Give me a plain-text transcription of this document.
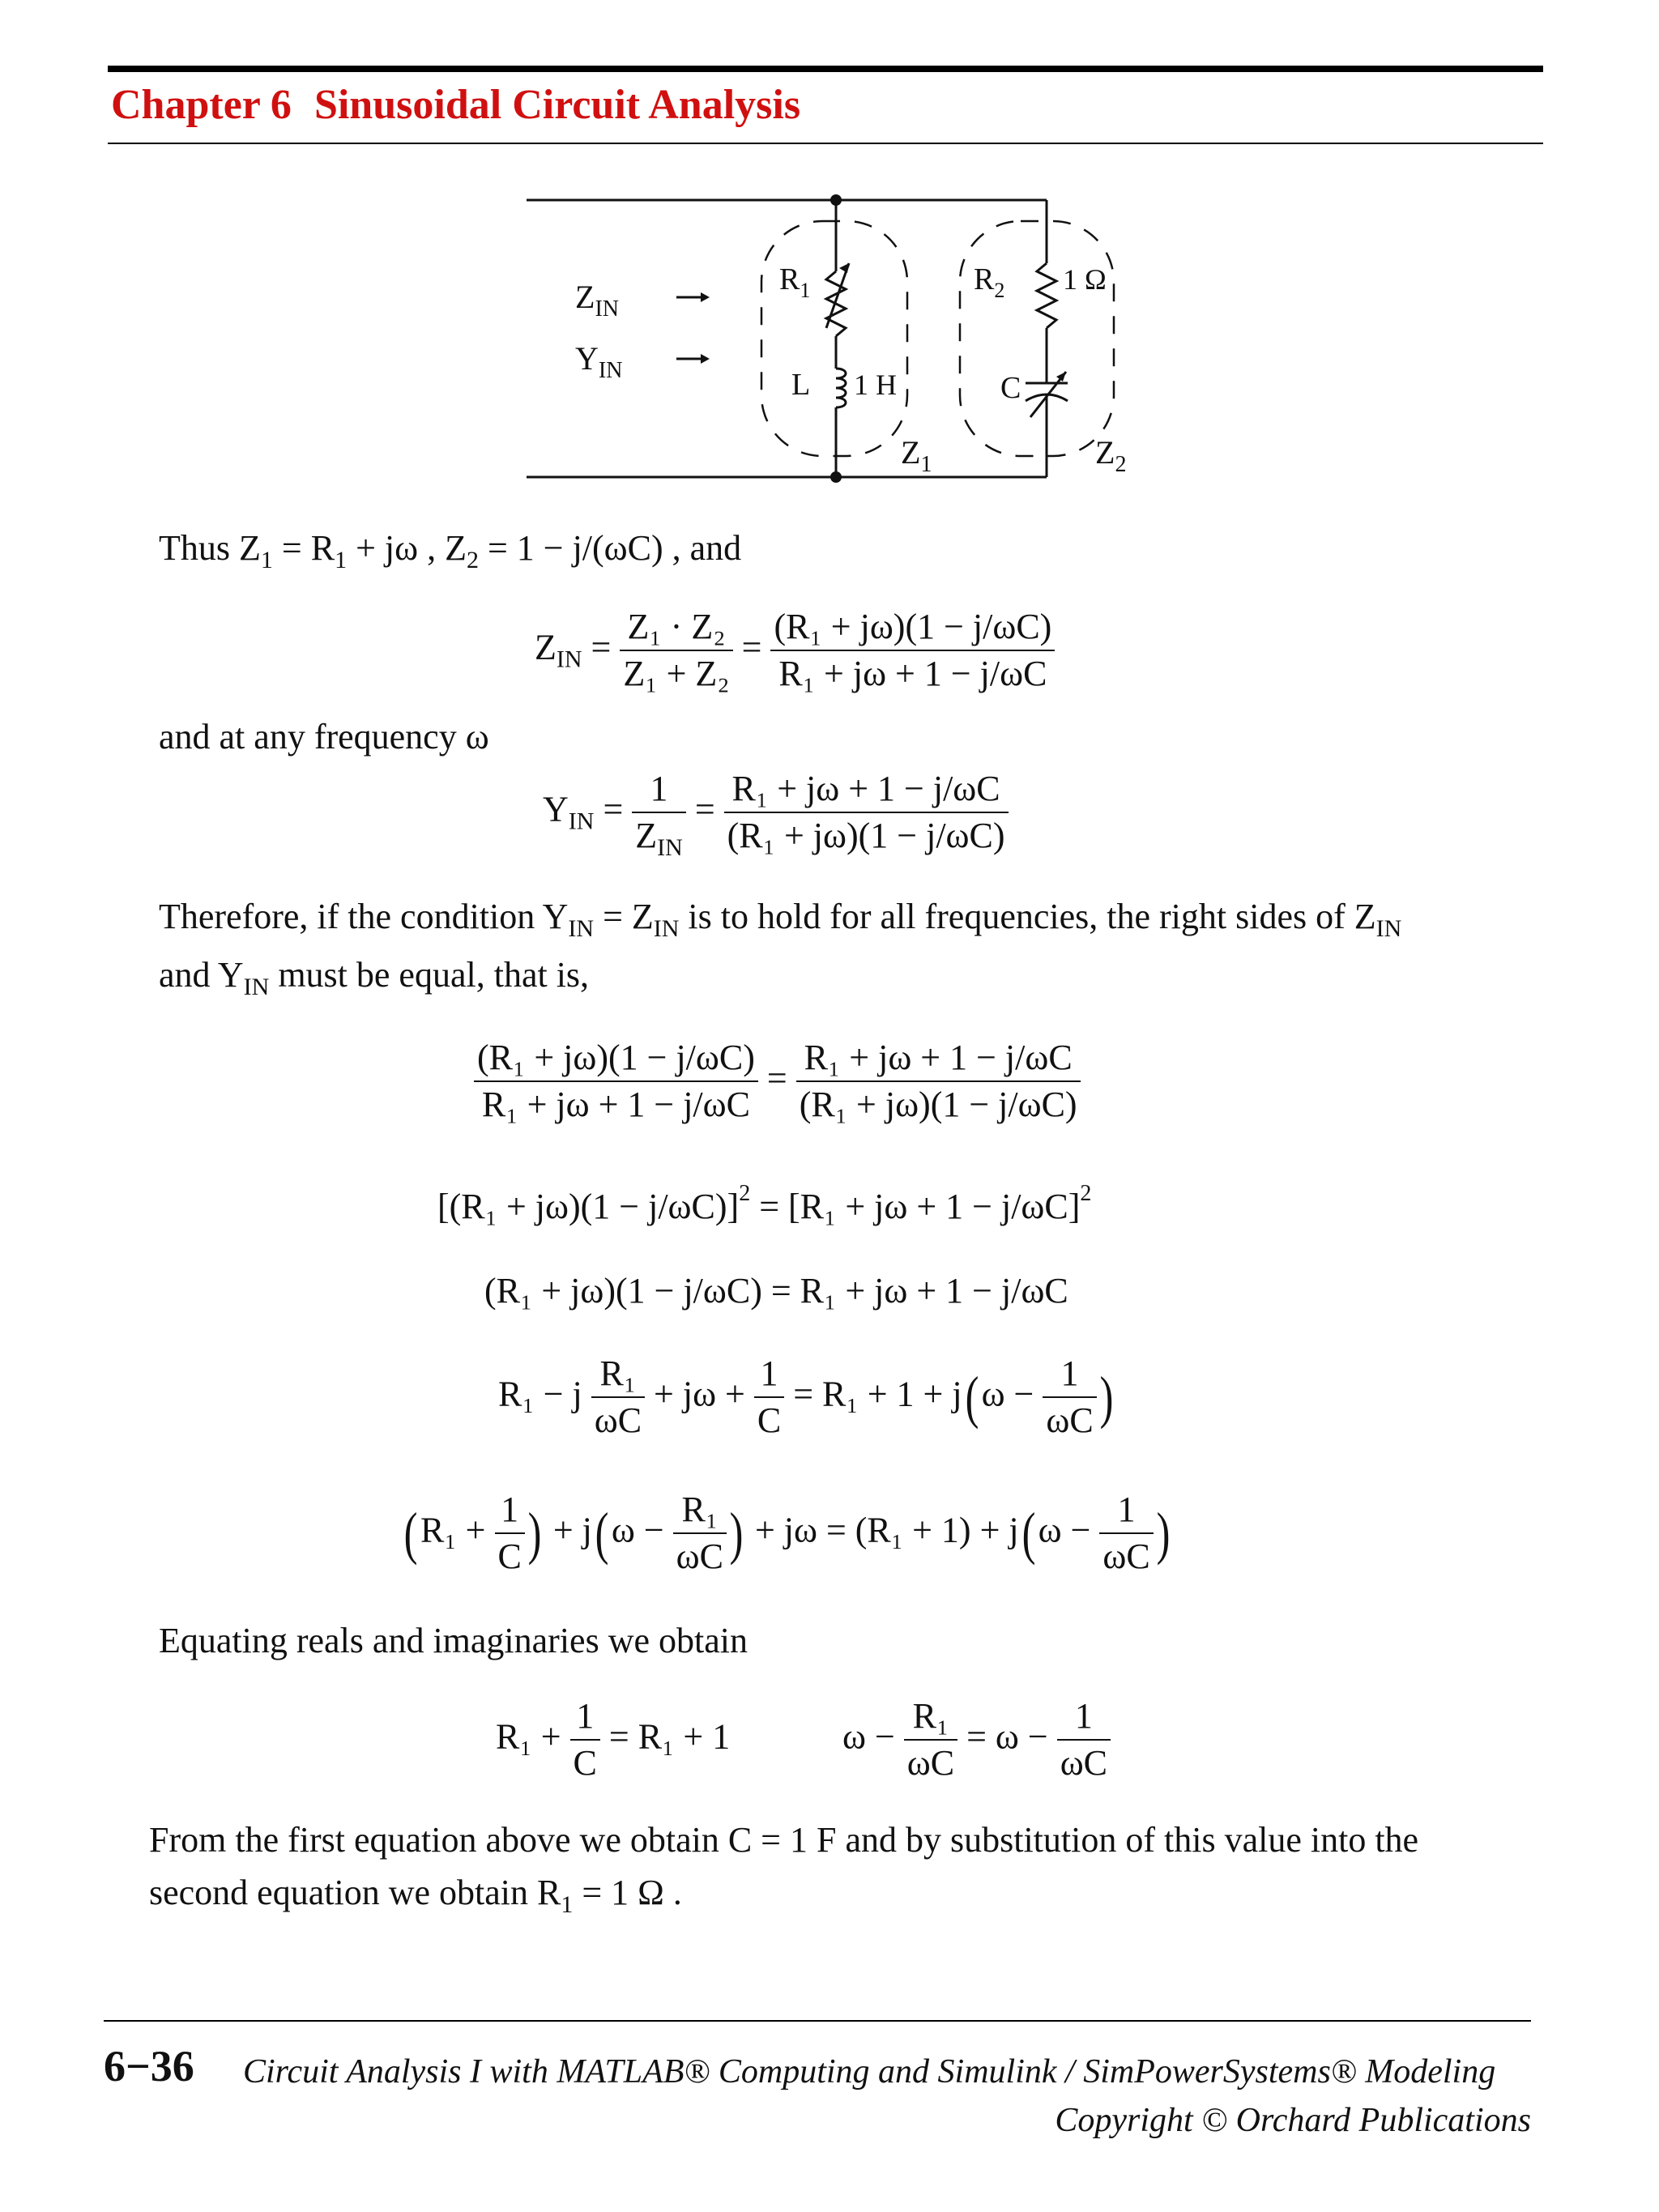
Chapter 6 Sinusoidal Circuit Analysis
$Z_{IN}$
$Y_{IN}$
$R_1$	$R_2$ 1 Ω
L 1 H	C
$Z_1$	$Z_2$
Thus $Z_1 = R_1 + j\omega$ , $Z_2 = 1 - j/(\omega C)$ , and
$Z_{IN} = \frac{\text{Z₁ · Z₂}}{\text{Z₁ + Z₂}} = \frac{\text{(R₁ + jω)(1 − j/ωC)}}{\text{R₁ + jω + 1 − j/ωC}}$
and at any frequency ω
$Y_{IN} = \frac{1}{Z_{IN}} = \frac{\text{R₁ + jω + 1 − j/ωC}}{\text{(R₁ + jω)(1 − j/ωC)}}$
Therefore, if the condition $Y_{IN} = Z_{IN}$ is to hold for all frequencies, the right sides of $Z_{IN}$
and $Y_{IN}$ must be equal, that is,
$\frac{\text{(R₁ + jω)(1 − j/ωC)}}{\text{R₁ + jω + 1 − j/ωC}} = \frac{\text{R₁ + jω + 1 − j/ωC}}{\text{(R₁ + jω)(1 − j/ωC)}}$
$[(R_1 + j\omega)(1 - j/\omega C)]^2 = [R_1 + j\omega + 1 - j/\omega C]^2$
(R₁ + jω)(1 − j/ωC) = R₁ + jω + 1 − j/ωC
R₁ − j $\frac{\text{R₁}}{\omega C} + j\omega + \frac{1}{C} = R_1 + 1 + j(\omega - \frac{1}{\omega C}$ )
($R_1 + \frac{1}{C}$ ) + $j(\omega - \frac{\text{R₁}}{\omega C}$ ) + $j\omega = (R_1 + 1) + j(\omega - \frac{1}{\omega C}$ )
Equating reals and imaginaries we obtain
$R_1 + \frac{1}{C} = R_1 + 1$	$\omega - \frac{\text{R₁}}{\omega C} = \omega - \frac{1}{\omega C}$
From the first equation above we obtain C = 1 F and by substitution of this value into the
second equation we obtain $R_1 = 1$ Ω .
6−36 Circuit Analysis I with MATLAB® Computing and Simulink / SimPowerSystems® Modeling
Copyright © Orchard Publications
